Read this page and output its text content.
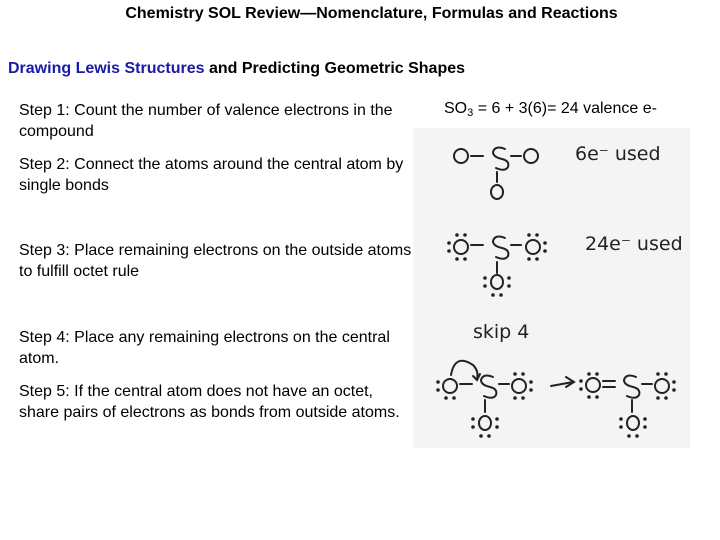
Chemistry SOL Review—Nomenclature, Formulas and Reactions
Drawing Lewis Structures and Predicting Geometric Shapes
Step 1: Count the number of valence electrons in the compound
Step 2: Connect the atoms around the central atom by single bonds
Step 3: Place remaining electrons on the outside atoms to fulfill octet rule
Step 4: Place any remaining electrons on the central atom.
Step 5: If the central atom does not have an octet, share pairs of electrons as bonds from outside atoms.
$SO_3 = 6 + 3(6)= 24$ valence e-
6e⁻ used
24e⁻ used
skip 4
